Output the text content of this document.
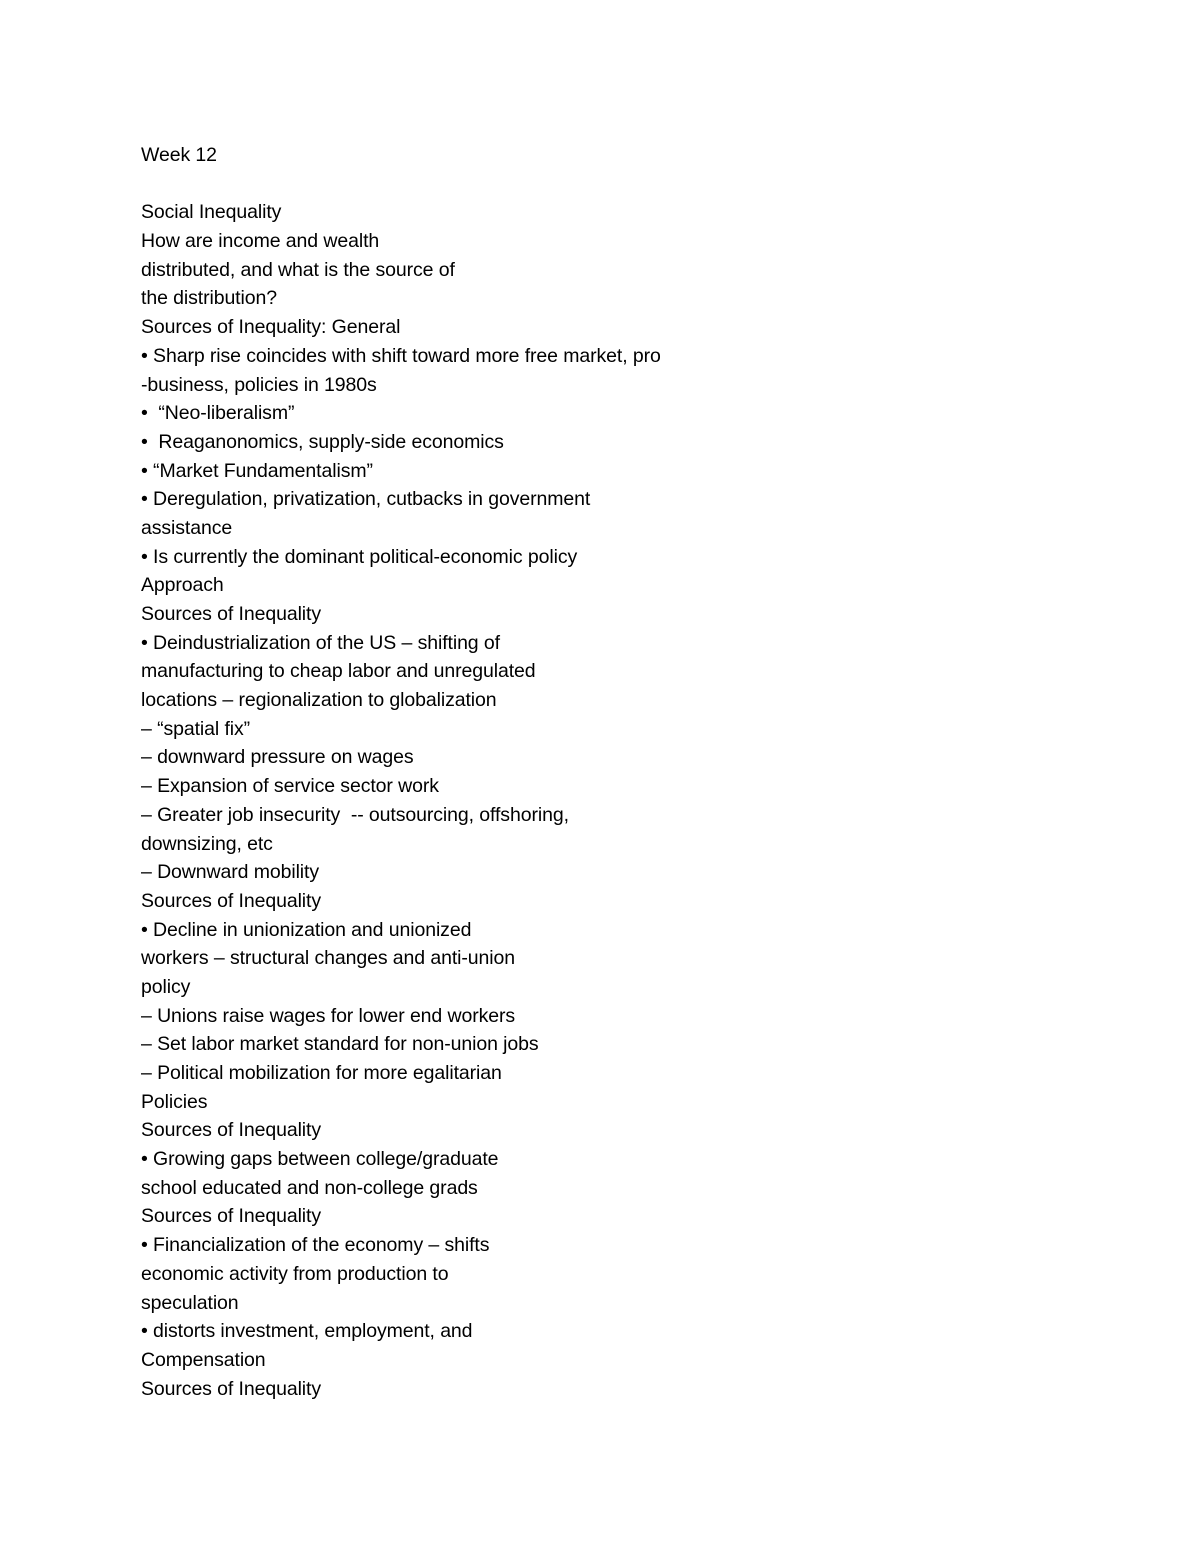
Week 12
Social Inequality
How are income and wealth
distributed, and what is the source of
the distribution?
Sources of Inequality: General
• Sharp rise coincides with shift toward more free market, pro
-business, policies in 1980s
•  “Neo-liberalism”
•  Reaganonomics, supply-side economics
• “Market Fundamentalism”
• Deregulation, privatization, cutbacks in government
assistance
• Is currently the dominant political-economic policy
Approach
Sources of Inequality
• Deindustrialization of the US – shifting of
manufacturing to cheap labor and unregulated
locations – regionalization to globalization
– “spatial fix”
– downward pressure on wages
– Expansion of service sector work
– Greater job insecurity  -- outsourcing, offshoring,
downsizing, etc
– Downward mobility
Sources of Inequality
• Decline in unionization and unionized
workers – structural changes and anti-union
policy
– Unions raise wages for lower end workers
– Set labor market standard for non-union jobs
– Political mobilization for more egalitarian
Policies
Sources of Inequality
• Growing gaps between college/graduate
school educated and non-college grads
Sources of Inequality
• Financialization of the economy – shifts
economic activity from production to
speculation
• distorts investment, employment, and
Compensation
Sources of Inequality
